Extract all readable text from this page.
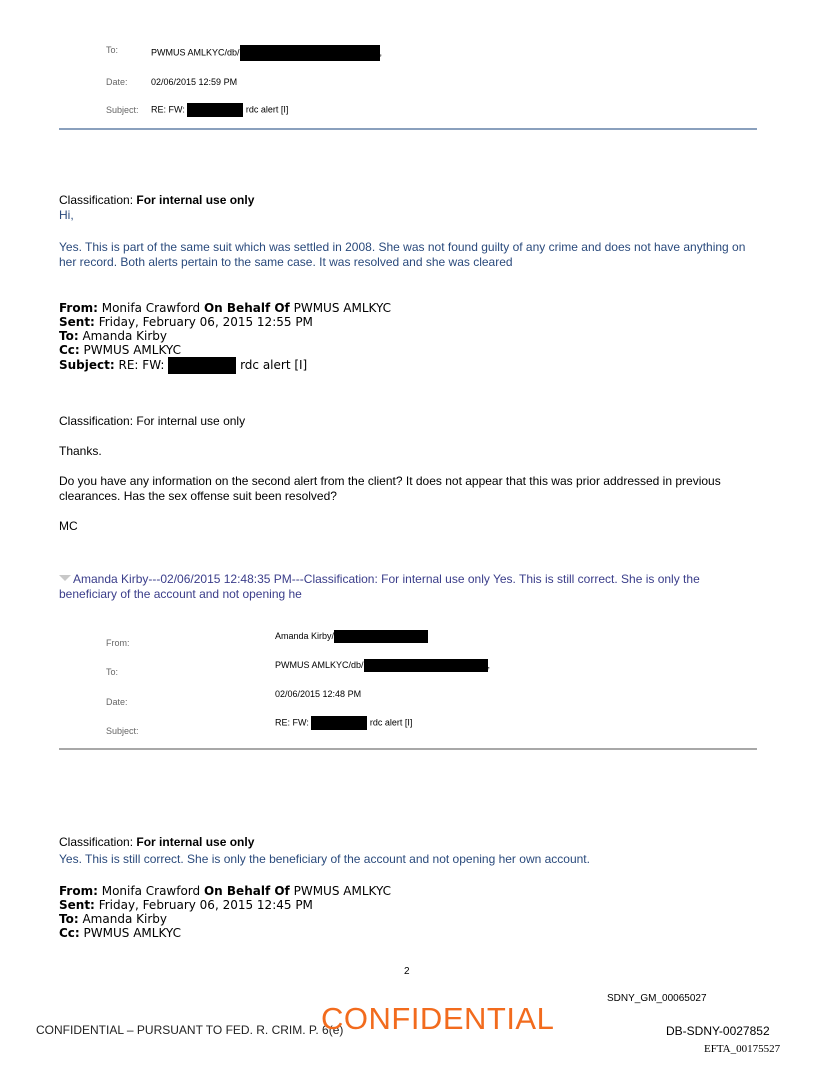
To:	PWMUS AMLKYC/db/	,
Date:	02/06/2015 12:59 PM
Subject: RE: FW:	rdc alert [I]
Classification: For internal use only
Hi,
Yes. This is part of the same suit which was settled in 2008. She was not found guilty of any crime and does not have anything on her record. Both alerts pertain to the same case. It was resolved and she was cleared
From: Monifa Crawford On Behalf Of PWMUS AMLKYC
Sent: Friday, February 06, 2015 12:55 PM
To: Amanda Kirby
Cc: PWMUS AMLKYC
Subject: RE: FW:	rdc alert [I]
Classification: For internal use only
Thanks.
Do you have any information on the second alert from the client? It does not appear that this was prior addressed in previous clearances. Has the sex offense suit been resolved?
MC
Amanda Kirby---02/06/2015 12:48:35 PM---Classification: For internal use only Yes. This is still correct. She is only the beneficiary of the account and not opening he
From:
Amanda Kirby/
To:
PWMUS AMLKYC/db/	,
Date:
02/06/2015 12:48 PM
Subject:
RE: FW:	rdc alert [I]
Classification: For internal use only
Yes. This is still correct. She is only the beneficiary of the account and not opening her own account.
From: Monifa Crawford On Behalf Of PWMUS AMLKYC
Sent: Friday, February 06, 2015 12:45 PM
To: Amanda Kirby
Cc: PWMUS AMLKYC
2
SDNY_GM_00065027
CONFIDENTIAL – PURSUANT TO FED. R. CRIM. P. 6(e)
CONFIDENTIAL	DB-SDNY-0027852
EFTA_00175527
